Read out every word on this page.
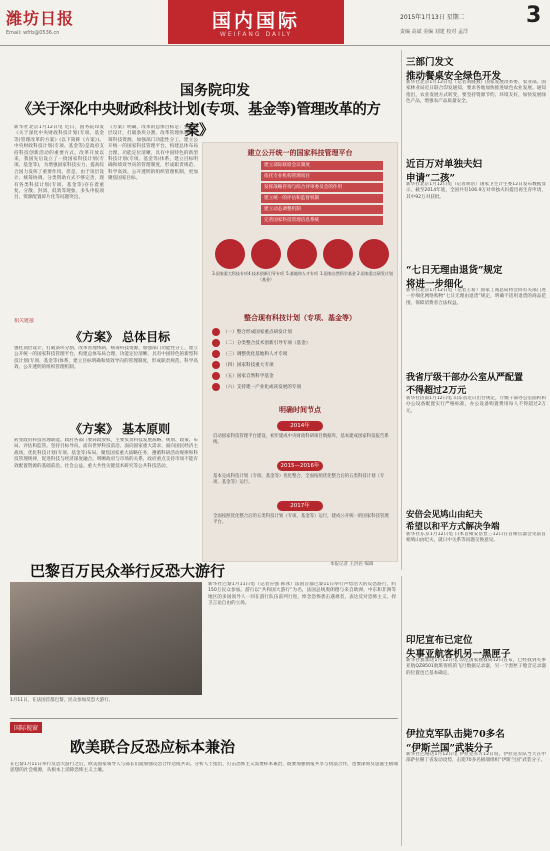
潍坊日报
Email: wfrb@0536.cn
国内国际
WEIFANG DAILY
2015年1月13日 星期二	3
责编 高斌 美编 刘建 校对 孟洋
国务院印发
《关于深化中央财政科技计划(专项、基金等)管理改革的方案》
新华社北京1月12日电 近日，国务院印发《关于深化中央财政科技计划(专项、基金等)管理改革的方案》(以下简称《方案》)。中央财政科技计划(专项、基金等)是政府支持科技创新活动的重要方式。改革开放以来，我国先后设立了一批国家科技计划(专项、基金等)，为增强国家科技实力、提高综合国力发挥了重要作用。但是，由于顶层设计、统筹协调、分类资助方式不够完善，现有各类科技计划(专项、基金等)存在着重复、分散、封闭、低效等现象，多头申报项目、资源配置碎片化等问题突出。
《方案》明确，改革的总体目标是：强化顶层设计，打破条块分割，改革管理体制，统筹科技资源，加强部门功能性分工，建立公开统一的国家科技管理平台，构建总体布局合理、功能定位清晰、具有中国特色的新型科技计划(专项、基金等)体系，建立目标明确和绩效导向的管理制度，形成职责规范、科学高效、公开透明的组织管理机制，更加聚焦国家目标。
相关链接
《方案》 总体目标
强化顶层设计，打破条块分割，改革管理体制，统筹科技资源，加强部门功能性分工，建立公开统一的国家科技管理平台，构建总体布局合理、功能定位清晰、具有中国特色的新型科技计划(专项、基金等)体系，建立目标明确和绩效导向的管理制度，形成职责规范、科学高效、公开透明的组织管理机制。
《方案》 基本原则
转变政府科技管理职能。政府各部门要简政放权，主要负责科技发展战略、规划、政策、布局、评估和监管。坚持目标导向。面向世界科技前沿、面向国家重大需求、面向国民经济主战场，优化科技计划(专项、基金等)布局。聚焦国家重大战略任务，遵循科研活动规律和科技管理规律，促进科技与经济深度融合。明晰政府与市场的关系，政府重点支持市场不能有效配置资源的基础前沿、社会公益、重大共性关键技术研究等公共科技活动。
建立公开统一的国家科技管理平台
建立部际联席会议制度
依托专业机构管理项目
发挥战略咨询与综合评审委员会的作用
建立统一的评估和监督机制
建立动态调整机制
完善国家科技管理信息系统
3.国家重大科技专项 4.技术创新引导专项（基金）
5.基地和人才专项 1.国家自然科学基金 2.国家重点研发计划
整合现有科技计划（专项、基金等）
（一）整合形成国家重点研发计划
（二）分类整合技术创新引导专项（基金）
（三）调整优化基地和人才专项
（四）国家科技重大专项
（五）国家自然科学基金
（六）支持建一产业化或该发展的专项
明确时间节点
2014年
启动国家科技管理平台建设，初步建成中央财政科研项目数据库，基本建成国家科技报告系统。
2015—2016年
基本完成科技计划（专项、基金等）优化整合，全面按照优化整合后的五类科技计划（专项、基金等）运行。
2017年
全面按照优化整合后的五类科技计划（专项、基金等）运行，建成公开统一的国家科技管理平台。
本报记者 王洪岩 编辑
三部门发文
推动餐桌安全绿色开发
新华社北京1月12日电（记者刘晓燕）国家发展改革委、农业部、国家林业局近日联合印发通知，要求各地加快推进绿色农业发展。通知指出，农业发展方式转变，要坚持资源节约、环境友好，加快发展绿色产品，增强农产品质量安全。
近百万对单独夫妇
申请“二孩”
新华社北京1月12日电（记者胡浩）国家卫生计生委12日发布数据显示，截至2014年底，全国共有106.9万对单独夫妇提出再生育申请，其中92万对获批。
“七日无理由退货”规定
将进一步细化
新华社北京1月12日电（记者王希）国家工商总局将会同有关部门进一步细化网络购物“七日无理由退货”规定，明确不适用退货的商品范围，保障消费者合法权益。
我省厅级干部办公室从严配置
不得超过2万元
新华社济南1月12日电 山东省近日出台规定，厅级干部办公室面积和办公设备配置实行严格标准，办公设备购置费用每人不得超过2万元。
安倍会见鸠山由纪夫
希望以和平方式解决争端
新华社东京1月12日电 日本首相安倍晋三12日在首相官邸会见前首相鸠山由纪夫，就日中关系等问题交换意见。
印尼宣布已定位
失事亚航客机另一黑匣子
新华社雅加达1月12日电 印尼国家搜救局12日宣布，已经找到失事亚航QZ8501航班客机的飞行数据记录器，另一个黑匣子舱音记录器的位置也已基本确定。
伊拉克军队击毙70多名
“伊斯兰国”武装分子
新华社巴格达1月12日电 伊拉克军方12日说，伊拉克军队当天在中部萨拉赫丁省发动攻势，击毙70多名极端组织“伊斯兰国”武装分子。
巴黎百万民众举行反恐大游行
1月11日，在法国首都巴黎，民众参加反恐大游行。
新华社巴黎1月11日电（记者应强 韩冰）法国首都巴黎11日举行声势浩大的反恐游行，约150万民众参加。游行以“共和国大游行”为名，法国总统奥朗德与来自欧洲、中东和非洲等地区的多国领导人一同在游行队伍前列行进，悼念恐怖袭击遇难者，表达反对恐怖主义、捍卫言论自由的立场。
国际视窗
欧美联合反恐应标本兼治
在巴黎1月11日举行反恐大游行之后，欧美国家领导人与部长们就加强反恐合作达成共识。分析人士指出，打击恐怖主义需要标本兼治，既要加强情报共享与执法合作，也要深刻反思滋生极端思想的社会根源，从根本上消除恐怖主义土壤。
